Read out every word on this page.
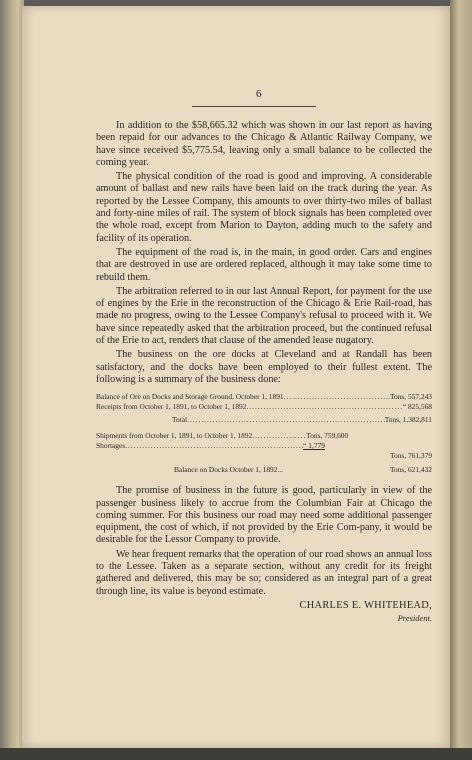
6

In addition to the $58,665.32 which was shown in our last report as having been repaid for our advances to the Chicago & Atlantic Railway Company, we have since received $5,775.54, leaving only a small balance to be collected the coming year.

The physical condition of the road is good and improving. A considerable amount of ballast and new rails have been laid on the track during the year. As reported by the Lessee Company, this amounts to over thirty-two miles of ballast and forty-nine miles of rail. The system of block signals has been completed over the whole road, except from Marion to Dayton, adding much to the safety and facility of its operation.

The equipment of the road is, in the main, in good order. Cars and engines that are destroyed in use are ordered replaced, although it may take some time to rebuild them.

The arbitration referred to in our last Annual Report, for payment for the use of engines by the Erie in the reconstruction of the Chicago & Erie Rail-road, has made no progress, owing to the Lessee Company's refusal to proceed with it. We have since repeatedly asked that the arbitration proceed, but the continued refusal of the Erie to act, renders that clause of the amended lease nugatory.

The business on the ore docks at Cleveland and at Randall has been satisfactory, and the docks have been employed to their fullest extent. The following is a summary of the business done:

Balance of Ore on Docks and Storage Ground, October 1, 1891 .....	Tons, 557,243
Receipts from October 1, 1891, to October 1, 1892 .....	“ 825,568
Total .....	Tons, 1,382,811
Shipments from October 1, 1891, to October 1, 1892 .....	Tons, 759,600
Shortages .....	“ 1,779
Tons, 761,379
Balance on Docks October 1, 1892...	Tons, 621,432

The promise of business in the future is good, particularly in view of the passenger business likely to accrue from the Columbian Fair at Chicago the coming summer. For this business our road may need some additional passenger equipment, the cost of which, if not provided by the Erie Com-pany, it would be desirable for the Lessor Company to provide.

We hear frequent remarks that the operation of our road shows an annual loss to the Lessee. Taken as a separate section, without any credit for its freight gathered and delivered, this may be so; considered as an integral part of a great through line, its value is beyond estimate.

CHARLES E. WHITEHEAD,
President.
